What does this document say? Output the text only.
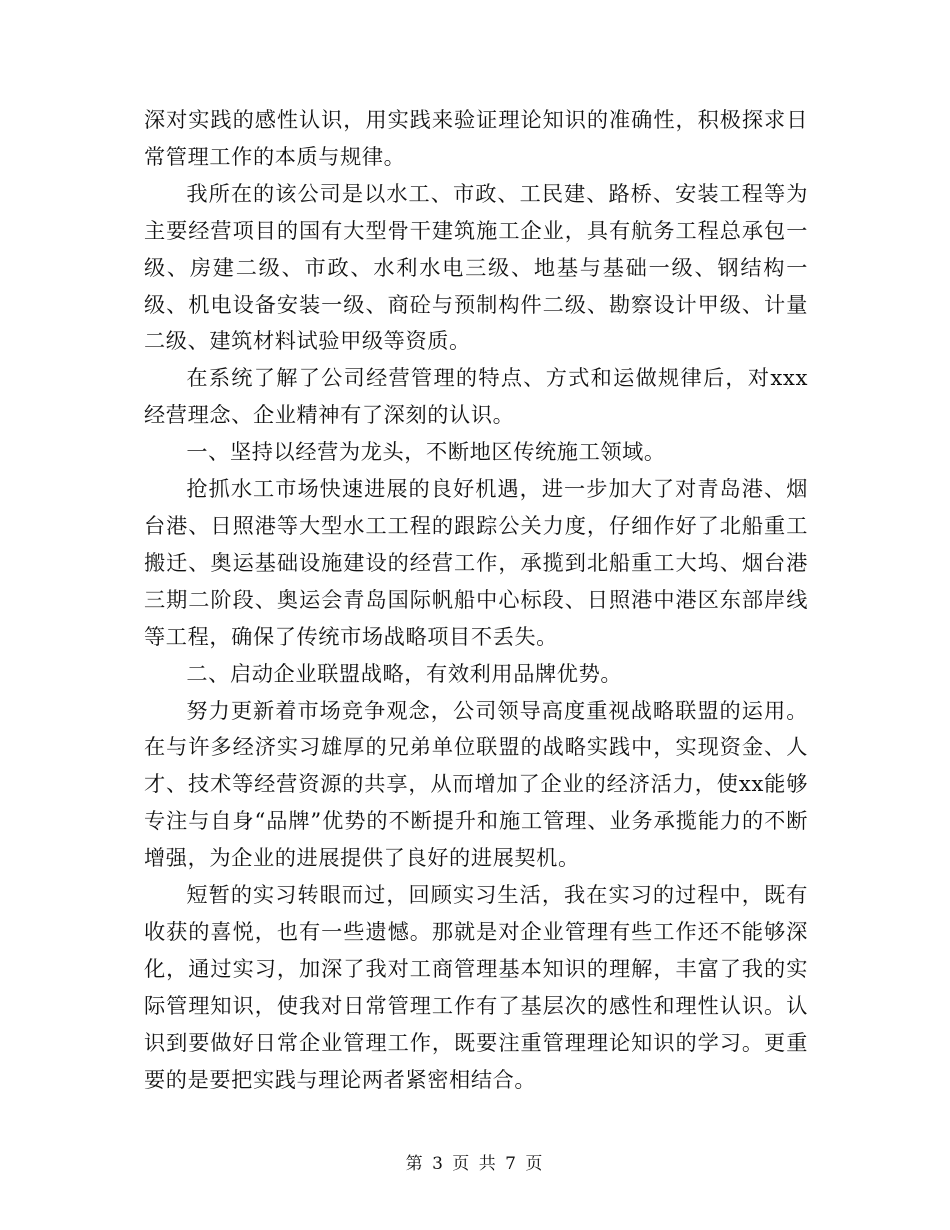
深对实践的感性认识，用实践来验证理论知识的准确性，积极探求日常管理工作的本质与规律。

我所在的该公司是以水工、市政、工民建、路桥、安装工程等为主要经营项目的国有大型骨干建筑施工企业，具有航务工程总承包一级、房建二级、市政、水利水电三级、地基与基础一级、钢结构一级、机电设备安装一级、商砼与预制构件二级、勘察设计甲级、计量二级、建筑材料试验甲级等资质。

在系统了解了公司经营管理的特点、方式和运做规律后，对xxx经营理念、企业精神有了深刻的认识。

一、坚持以经营为龙头，不断地区传统施工领域。

抢抓水工市场快速进展的良好机遇，进一步加大了对青岛港、烟台港、日照港等大型水工工程的跟踪公关力度，仔细作好了北船重工搬迁、奥运基础设施建设的经营工作，承揽到北船重工大坞、烟台港三期二阶段、奥运会青岛国际帆船中心标段、日照港中港区东部岸线等工程，确保了传统市场战略项目不丢失。

二、启动企业联盟战略，有效利用品牌优势。

努力更新着市场竞争观念，公司领导高度重视战略联盟的运用。在与许多经济实习雄厚的兄弟单位联盟的战略实践中，实现资金、人才、技术等经营资源的共享，从而增加了企业的经济活力，使xx能够专注与自身“品牌”优势的不断提升和施工管理、业务承揽能力的不断增强，为企业的进展提供了良好的进展契机。

短暂的实习转眼而过，回顾实习生活，我在实习的过程中，既有收获的喜悦，也有一些遗憾。那就是对企业管理有些工作还不能够深化，通过实习，加深了我对工商管理基本知识的理解，丰富了我的实际管理知识，使我对日常管理工作有了基层次的感性和理性认识。认识到要做好日常企业管理工作，既要注重管理理论知识的学习。更重要的是要把实践与理论两者紧密相结合。

第 3 页 共 7 页
